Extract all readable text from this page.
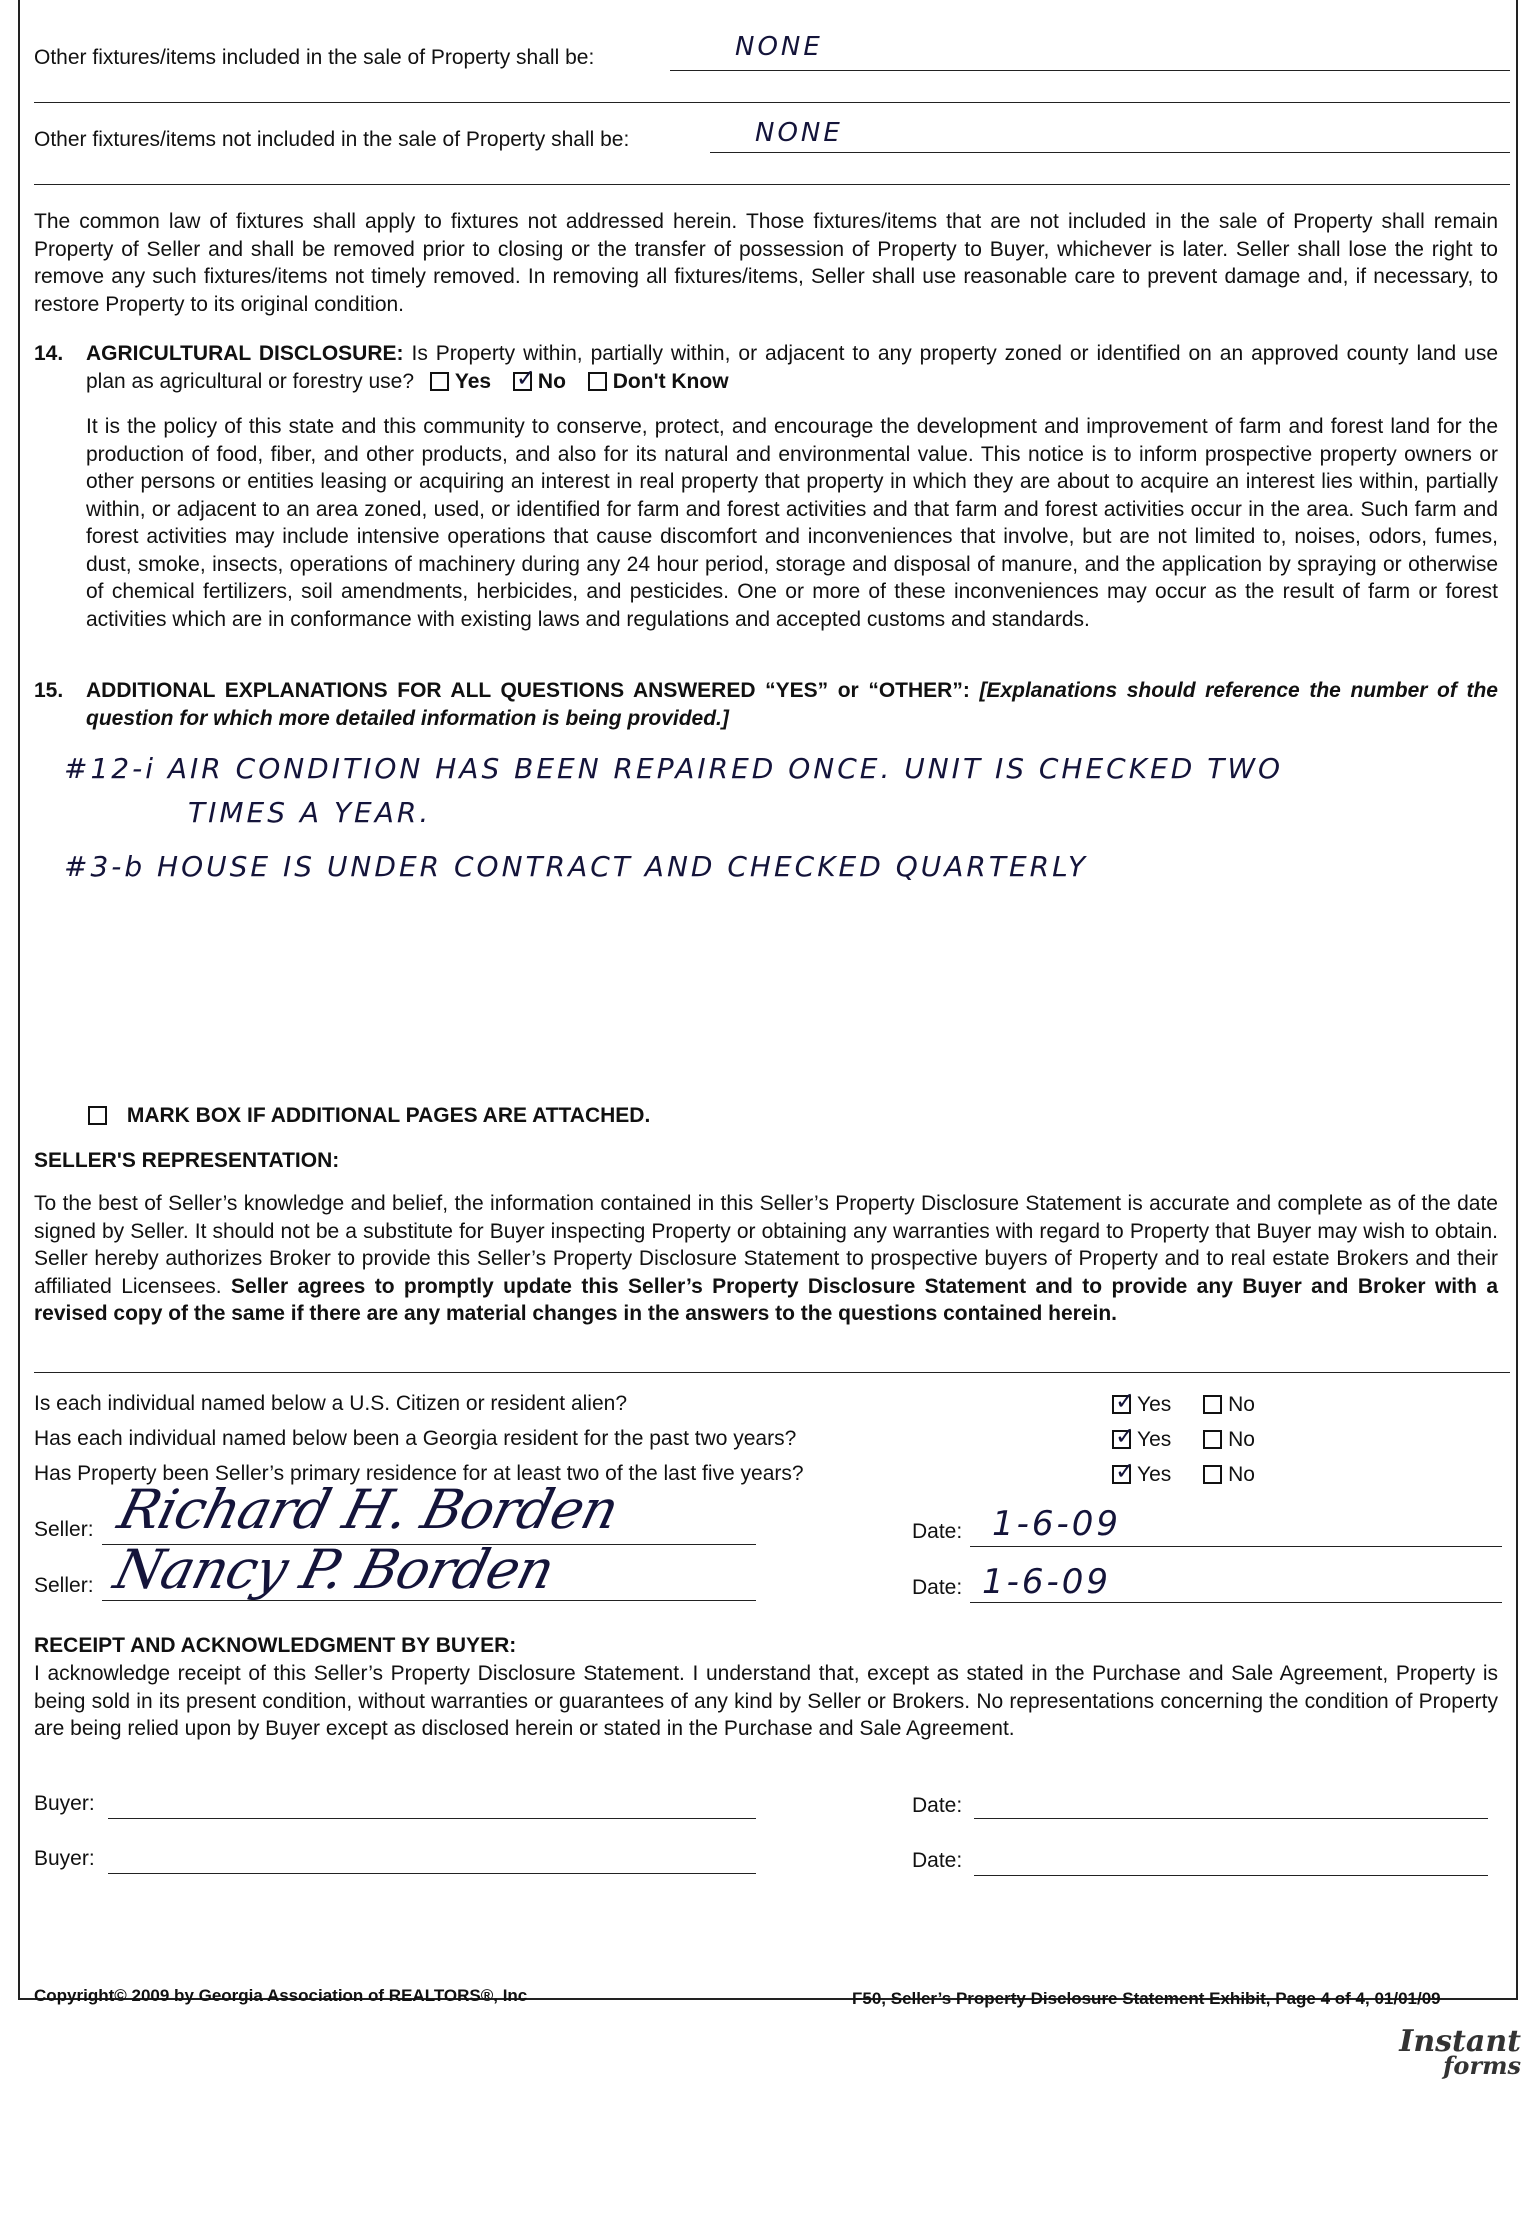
Other fixtures/items included in the sale of Property shall be:	NONE
Other fixtures/items not included in the sale of Property shall be:	NONE
The common law of fixtures shall apply to fixtures not addressed herein. Those fixtures/items that are not included in the sale of Property shall remain Property of Seller and shall be removed prior to closing or the transfer of possession of Property to Buyer, whichever is later. Seller shall lose the right to remove any such fixtures/items not timely removed. In removing all fixtures/items, Seller shall use reasonable care to prevent damage and, if necessary, to restore Property to its original condition.
14. AGRICULTURAL DISCLOSURE: Is Property within, partially within, or adjacent to any property zoned or identified on an approved county land use plan as agricultural or forestry use? Yes ✓ No Don't Know
It is the policy of this state and this community to conserve, protect, and encourage the development and improvement of farm and forest land for the production of food, fiber, and other products, and also for its natural and environmental value. This notice is to inform prospective property owners or other persons or entities leasing or acquiring an interest in real property that property in which they are about to acquire an interest lies within, partially within, or adjacent to an area zoned, used, or identified for farm and forest activities and that farm and forest activities occur in the area. Such farm and forest activities may include intensive operations that cause discomfort and inconveniences that involve, but are not limited to, noises, odors, fumes, dust, smoke, insects, operations of machinery during any 24 hour period, storage and disposal of manure, and the application by spraying or otherwise of chemical fertilizers, soil amendments, herbicides, and pesticides. One or more of these inconveniences may occur as the result of farm or forest activities which are in conformance with existing laws and regulations and accepted customs and standards.
15. ADDITIONAL EXPLANATIONS FOR ALL QUESTIONS ANSWERED “YES” or “OTHER”: [Explanations should reference the number of the question for which more detailed information is being provided.]
#12-i AIR CONDITION HAS BEEN REPAIRED ONCE. UNIT IS CHECKED TWO
TIMES A YEAR.
#3-b HOUSE IS UNDER CONTRACT AND CHECKED QUARTERLY
MARK BOX IF ADDITIONAL PAGES ARE ATTACHED.
SELLER'S REPRESENTATION:
To the best of Seller’s knowledge and belief, the information contained in this Seller’s Property Disclosure Statement is accurate and complete as of the date signed by Seller. It should not be a substitute for Buyer inspecting Property or obtaining any warranties with regard to Property that Buyer may wish to obtain. Seller hereby authorizes Broker to provide this Seller’s Property Disclosure Statement to prospective buyers of Property and to real estate Brokers and their affiliated Licensees. Seller agrees to promptly update this Seller’s Property Disclosure Statement and to provide any Buyer and Broker with a revised copy of the same if there are any material changes in the answers to the questions contained herein.
Is each individual named below a U.S. Citizen or resident alien? ✓	Yes	No
Has each individual named below been a Georgia resident for the past two years? ✓	Yes	No
Has Property been Seller’s primary residence for at least two of the last five years? ✓	Yes	No
Seller: Richard H. Borden	Date: 1-6-09
Seller: Nancy P. Borden	Date: 1-6-09
RECEIPT AND ACKNOWLEDGMENT BY BUYER:
I acknowledge receipt of this Seller’s Property Disclosure Statement. I understand that, except as stated in the Purchase and Sale Agreement, Property is being sold in its present condition, without warranties or guarantees of any kind by Seller or Brokers. No representations concerning the condition of Property are being relied upon by Buyer except as disclosed herein or stated in the Purchase and Sale Agreement.
Buyer:	Date:
Buyer:	Date:
Copyright© 2009 by Georgia Association of REALTORS®, Inc	F50, Seller’s Property Disclosure Statement Exhibit, Page 4 of 4, 01/01/09
Instant
forms
